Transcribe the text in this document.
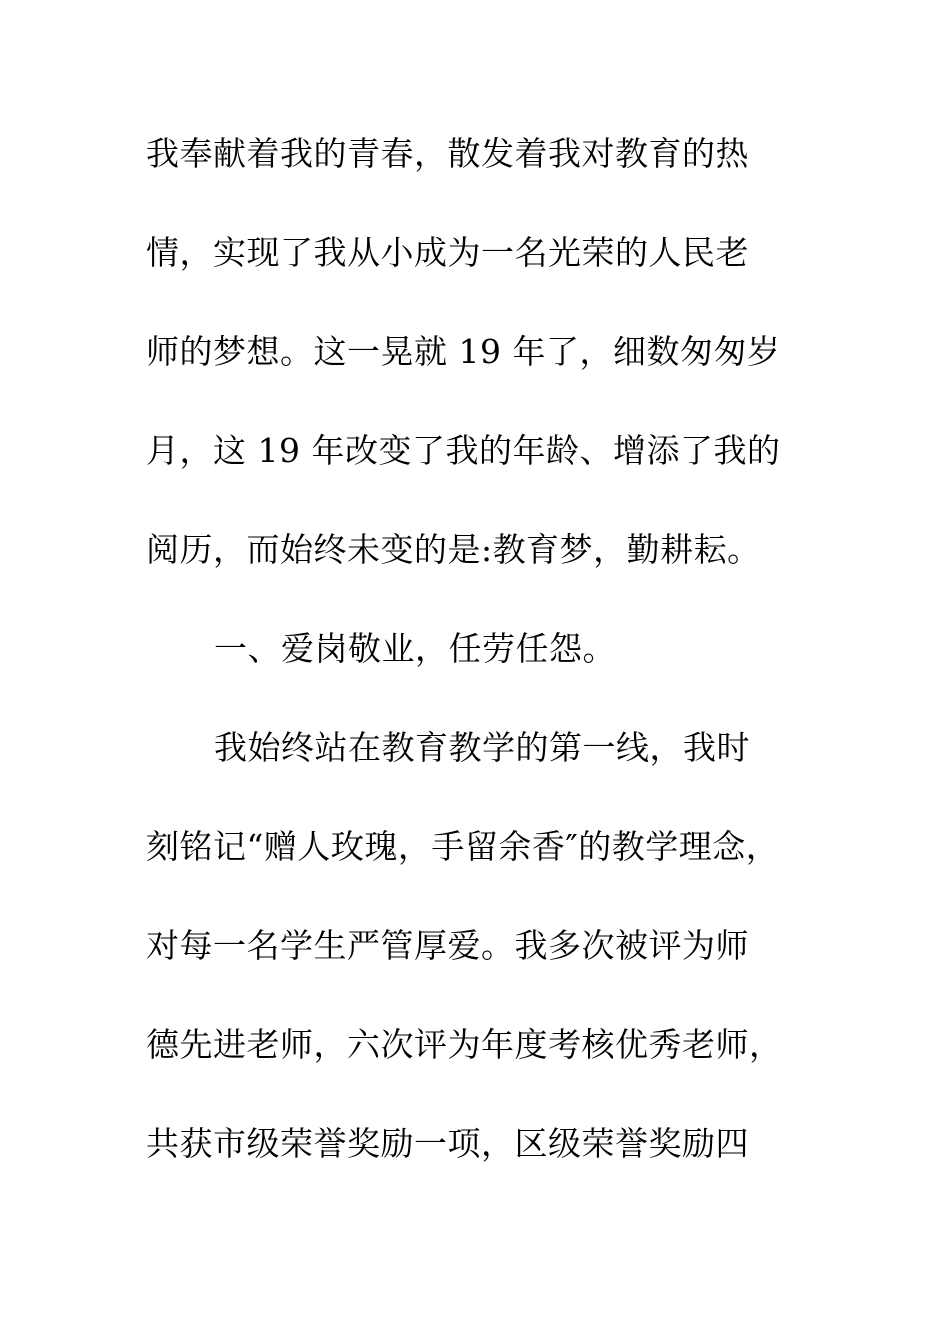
我奉献着我的青春，散发着我对教育的热
情，实现了我从小成为一名光荣的人民老
师的梦想。这一晃就 19 年了，细数匆匆岁
月，这 19 年改变了我的年龄、增添了我的
阅历，而始终未变的是:教育梦，勤耕耘。
一、爱岗敬业，任劳任怨。
我始终站在教育教学的第一线，我时
刻铭记“赠人玫瑰，手留余香″的教学理念，
对每一名学生严管厚爱。我多次被评为师
德先进老师，六次评为年度考核优秀老师，
共获市级荣誉奖励一项，区级荣誉奖励四
